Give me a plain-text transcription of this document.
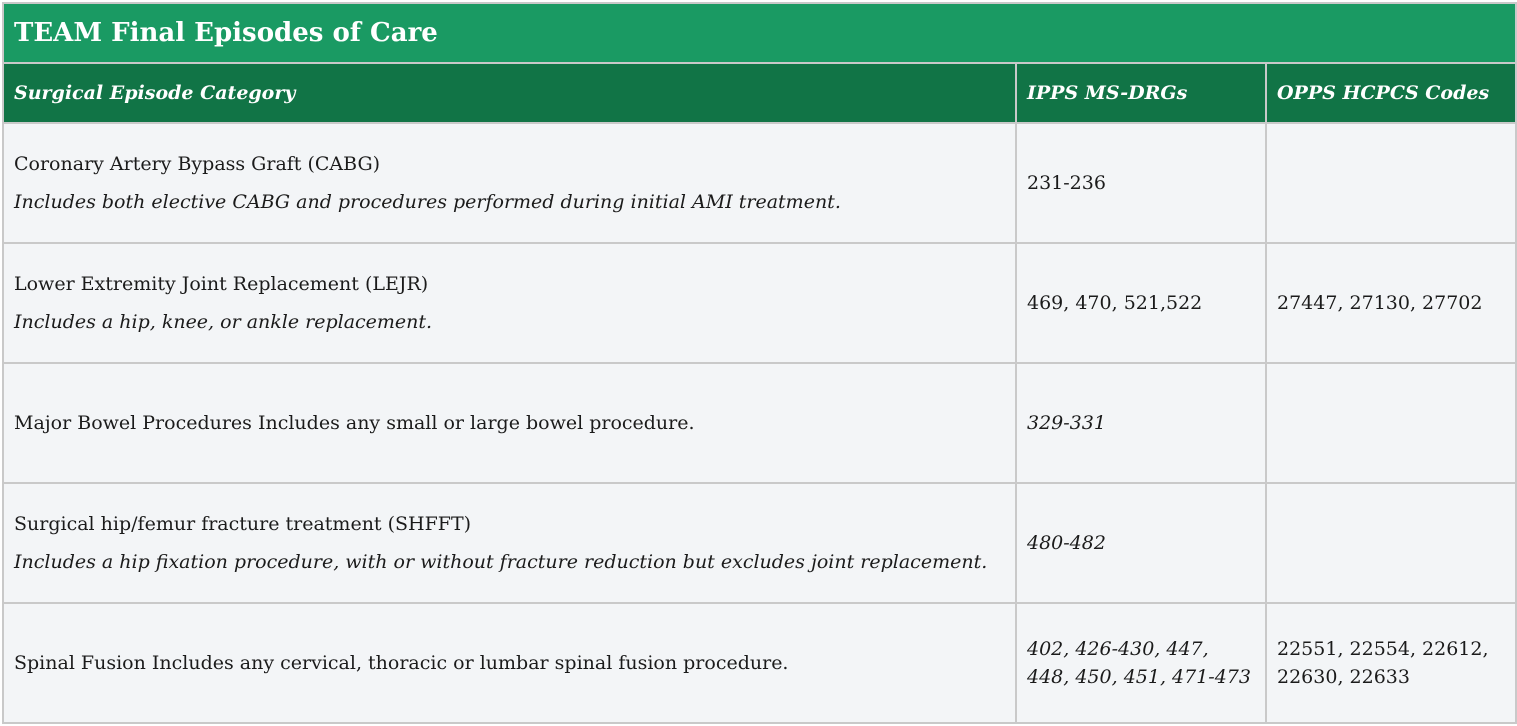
TEAM Final Episodes of Care		
Surgical Episode Category	IPPS MS-DRGs	OPPS HCPCS Codes

Coronary Artery Bypass Graft (CABG)
Includes both elective CABG and procedures performed during initial AMI treatment.	231-236	

Lower Extremity Joint Replacement (LEJR)
Includes a hip, knee, or ankle replacement.	469, 470, 521,522	27447, 27130, 27702

Major Bowel Procedures Includes any small or large bowel procedure.	329-331	

Surgical hip/femur fracture treatment (SHFFT)
Includes a hip fixation procedure, with or without fracture reduction but excludes joint replacement.	480-482	

Spinal Fusion Includes any cervical, thoracic or lumbar spinal fusion procedure.	402, 426-430, 447, 448, 450, 451, 471-473	22551, 22554, 22612, 22630, 22633
